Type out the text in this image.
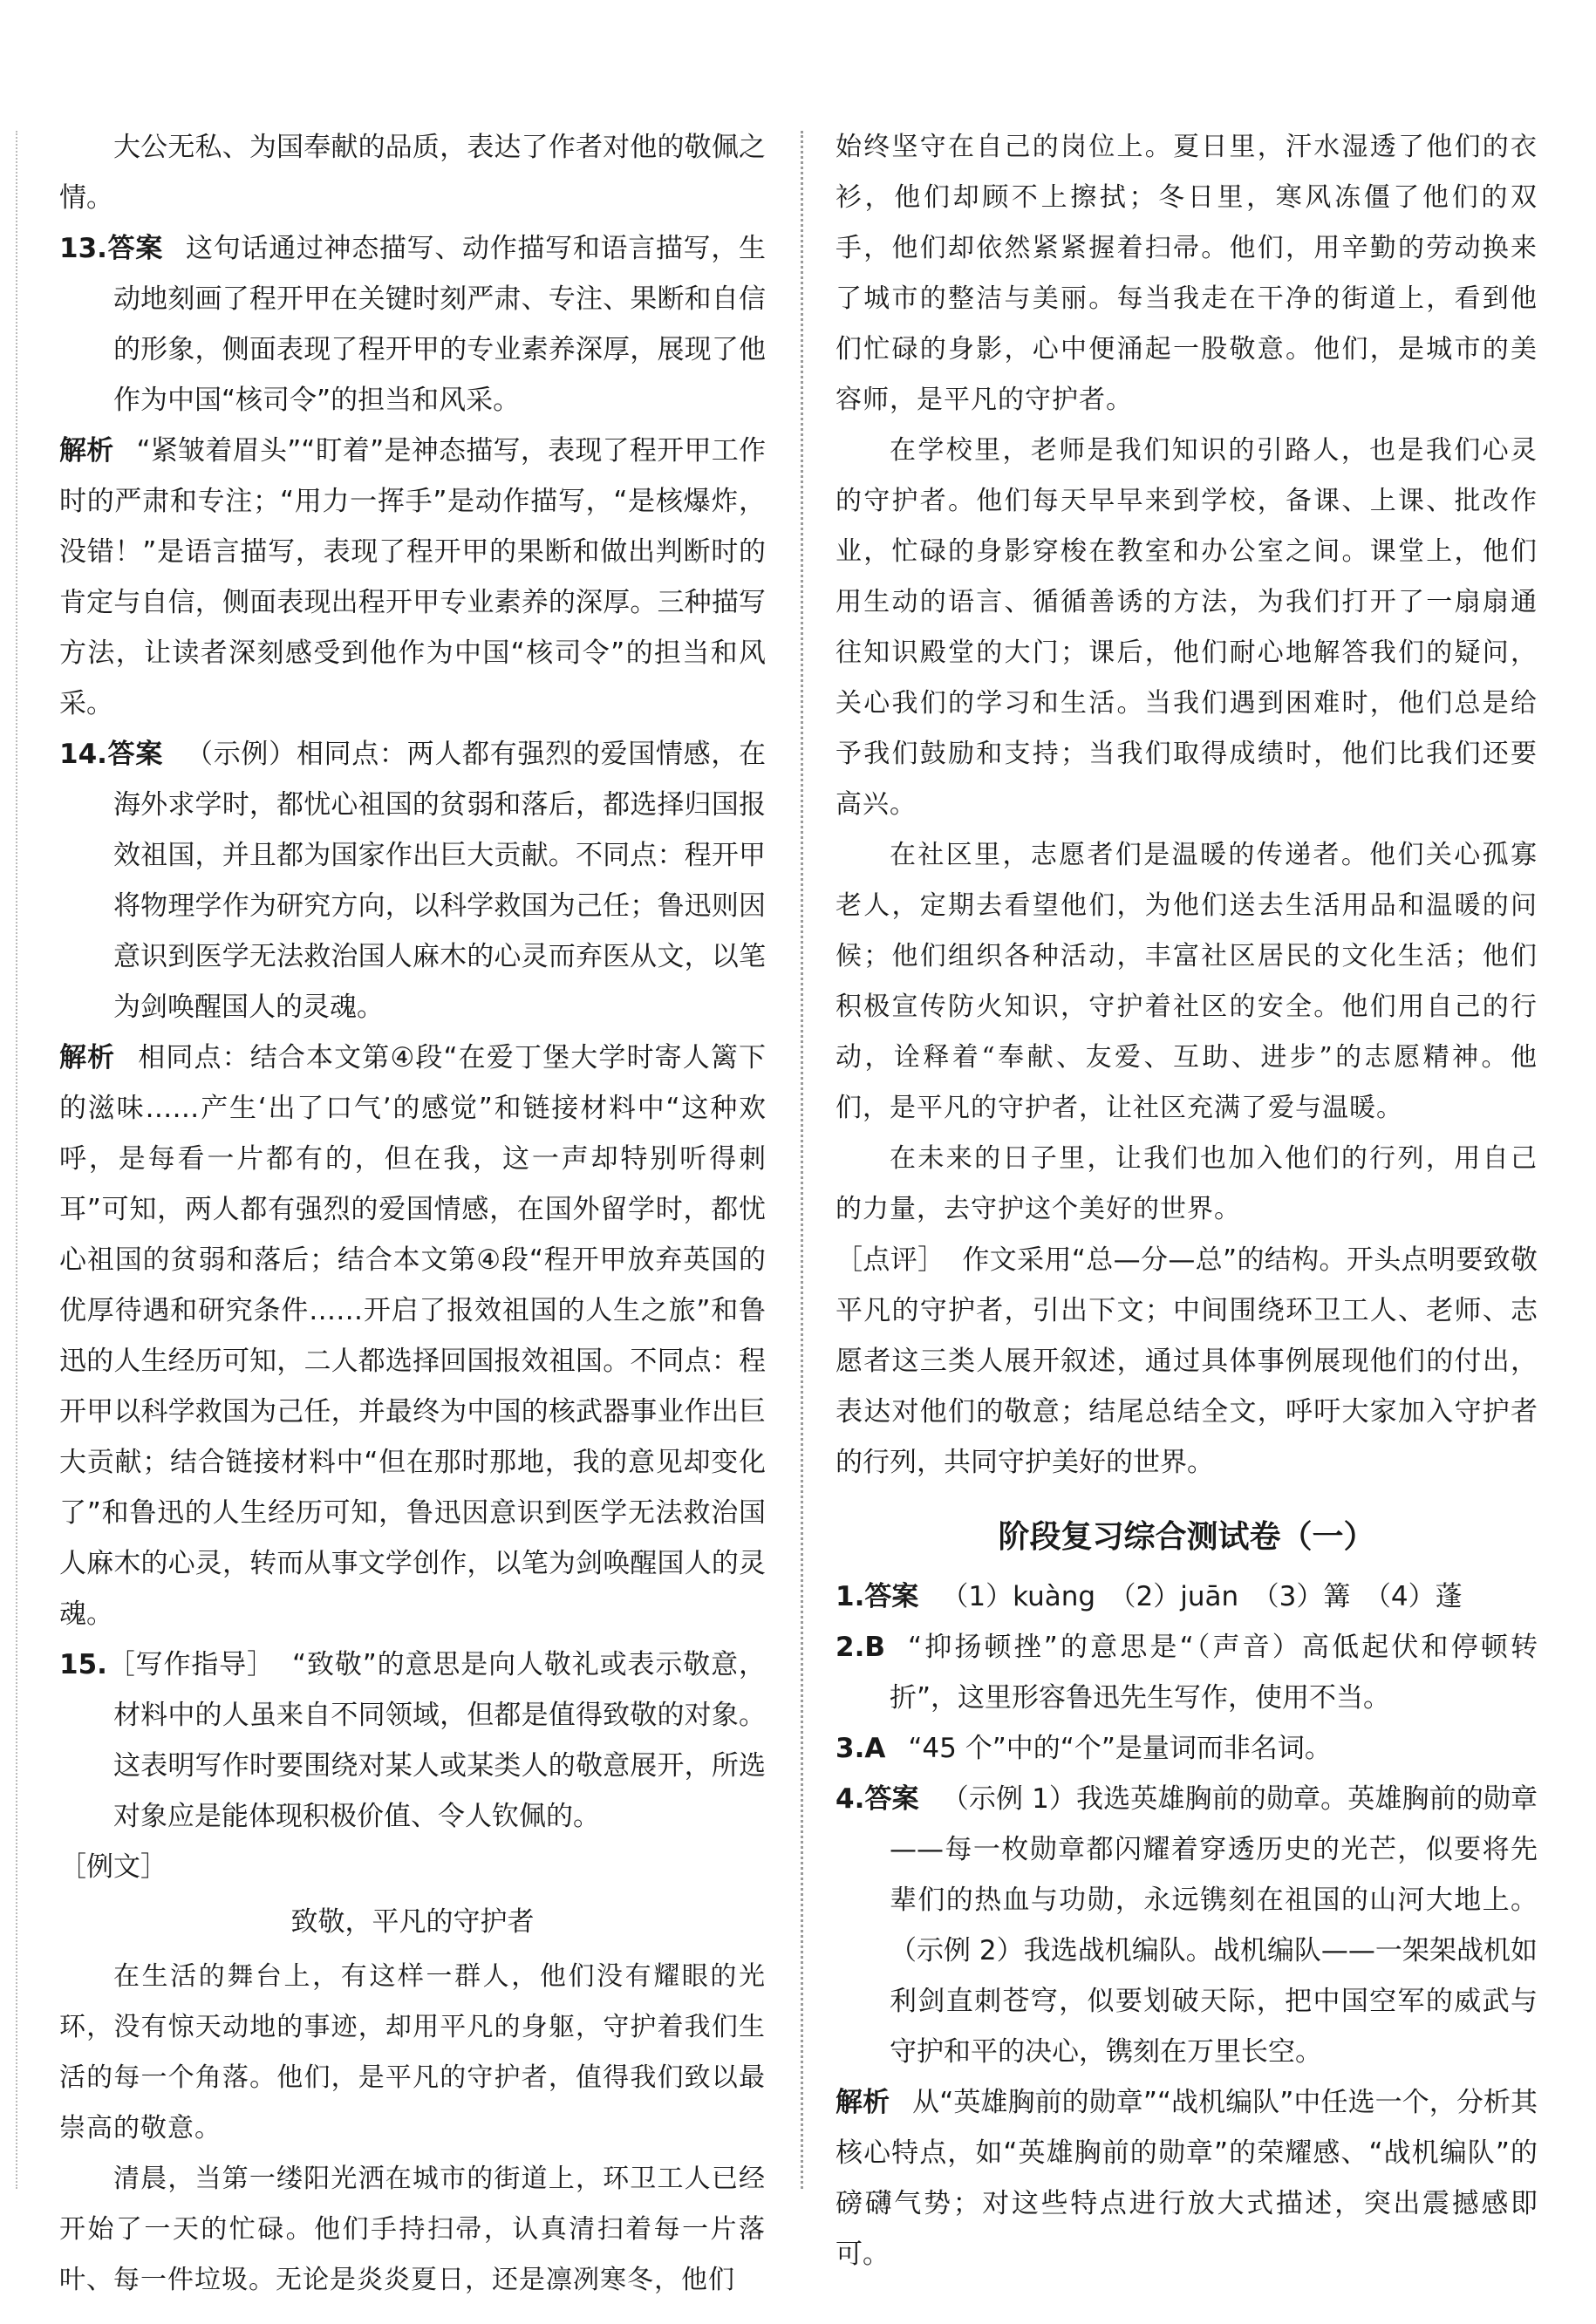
大公无私、为国奉献的品质，表达了作者对他的敬佩之情。

13.答案 这句话通过神态描写、动作描写和语言描写，生动地刻画了程开甲在关键时刻严肃、专注、果断和自信的形象，侧面表现了程开甲的专业素养深厚，展现了他作为中国“核司令”的担当和风采。

解析 “紧皱着眉头”“盯着”是神态描写，表现了程开甲工作时的严肃和专注；“用力一挥手”是动作描写，“是核爆炸，没错！”是语言描写，表现了程开甲的果断和做出判断时的肯定与自信，侧面表现出程开甲专业素养的深厚。三种描写方法，让读者深刻感受到他作为中国“核司令”的担当和风采。

14.答案 （示例）相同点：两人都有强烈的爱国情感，在海外求学时，都忧心祖国的贫弱和落后，都选择归国报效祖国，并且都为国家作出巨大贡献。不同点：程开甲将物理学作为研究方向，以科学救国为己任；鲁迅则因意识到医学无法救治国人麻木的心灵而弃医从文，以笔为剑唤醒国人的灵魂。

解析 相同点：结合本文第④段“在爱丁堡大学时寄人篱下的滋味……产生‘出了口气’的感觉”和链接材料中“这种欢呼，是每看一片都有的，但在我，这一声却特别听得刺耳”可知，两人都有强烈的爱国情感，在国外留学时，都忧心祖国的贫弱和落后；结合本文第④段“程开甲放弃英国的优厚待遇和研究条件……开启了报效祖国的人生之旅”和鲁迅的人生经历可知，二人都选择回国报效祖国。不同点：程开甲以科学救国为己任，并最终为中国的核武器事业作出巨大贡献；结合链接材料中“但在那时那地，我的意见却变化了”和鲁迅的人生经历可知，鲁迅因意识到医学无法救治国人麻木的心灵，转而从事文学创作，以笔为剑唤醒国人的灵魂。

15.［写作指导］ “致敬”的意思是向人敬礼或表示敬意，材料中的人虽来自不同领域，但都是值得致敬的对象。这表明写作时要围绕对某人或某类人的敬意展开，所选对象应是能体现积极价值、令人钦佩的。

［例文］

致敬，平凡的守护者

在生活的舞台上，有这样一群人，他们没有耀眼的光环，没有惊天动地的事迹，却用平凡的身躯，守护着我们生活的每一个角落。他们，是平凡的守护者，值得我们致以最崇高的敬意。

清晨，当第一缕阳光洒在城市的街道上，环卫工人已经开始了一天的忙碌。他们手持扫帚，认真清扫着每一片落叶、每一件垃圾。无论是炎炎夏日，还是凛冽寒冬，他们

始终坚守在自己的岗位上。夏日里，汗水湿透了他们的衣衫，他们却顾不上擦拭；冬日里，寒风冻僵了他们的双手，他们却依然紧紧握着扫帚。他们，用辛勤的劳动换来了城市的整洁与美丽。每当我走在干净的街道上，看到他们忙碌的身影，心中便涌起一股敬意。他们，是城市的美容师，是平凡的守护者。

在学校里，老师是我们知识的引路人，也是我们心灵的守护者。他们每天早早来到学校，备课、上课、批改作业，忙碌的身影穿梭在教室和办公室之间。课堂上，他们用生动的语言、循循善诱的方法，为我们打开了一扇扇通往知识殿堂的大门；课后，他们耐心地解答我们的疑问，关心我们的学习和生活。当我们遇到困难时，他们总是给予我们鼓励和支持；当我们取得成绩时，他们比我们还要高兴。

在社区里，志愿者们是温暖的传递者。他们关心孤寡老人，定期去看望他们，为他们送去生活用品和温暖的问候；他们组织各种活动，丰富社区居民的文化生活；他们积极宣传防火知识，守护着社区的安全。他们用自己的行动，诠释着“奉献、友爱、互助、进步”的志愿精神。他们，是平凡的守护者，让社区充满了爱与温暖。

在未来的日子里，让我们也加入他们的行列，用自己的力量，去守护这个美好的世界。

［点评］ 作文采用“总—分—总”的结构。开头点明要致敬平凡的守护者，引出下文；中间围绕环卫工人、老师、志愿者这三类人展开叙述，通过具体事例展现他们的付出，表达对他们的敬意；结尾总结全文，呼吁大家加入守护者的行列，共同守护美好的世界。

阶段复习综合测试卷（一）

1.答案 （1）kuàng　（2）juān　（3）篝　（4）蓬

2.B “抑扬顿挫”的意思是“（声音）高低起伏和停顿转折”，这里形容鲁迅先生写作，使用不当。

3.A “45 个”中的“个”是量词而非名词。

4.答案 （示例 1）我选英雄胸前的勋章。英雄胸前的勋章——每一枚勋章都闪耀着穿透历史的光芒，似要将先辈们的热血与功勋，永远镌刻在祖国的山河大地上。（示例 2）我选战机编队。战机编队——一架架战机如利剑直刺苍穹，似要划破天际，把中国空军的威武与守护和平的决心，镌刻在万里长空。

解析 从“英雄胸前的勋章”“战机编队”中任选一个，分析其核心特点，如“英雄胸前的勋章”的荣耀感、“战机编队”的磅礴气势；对这些特点进行放大式描述，突出震撼感即可。
